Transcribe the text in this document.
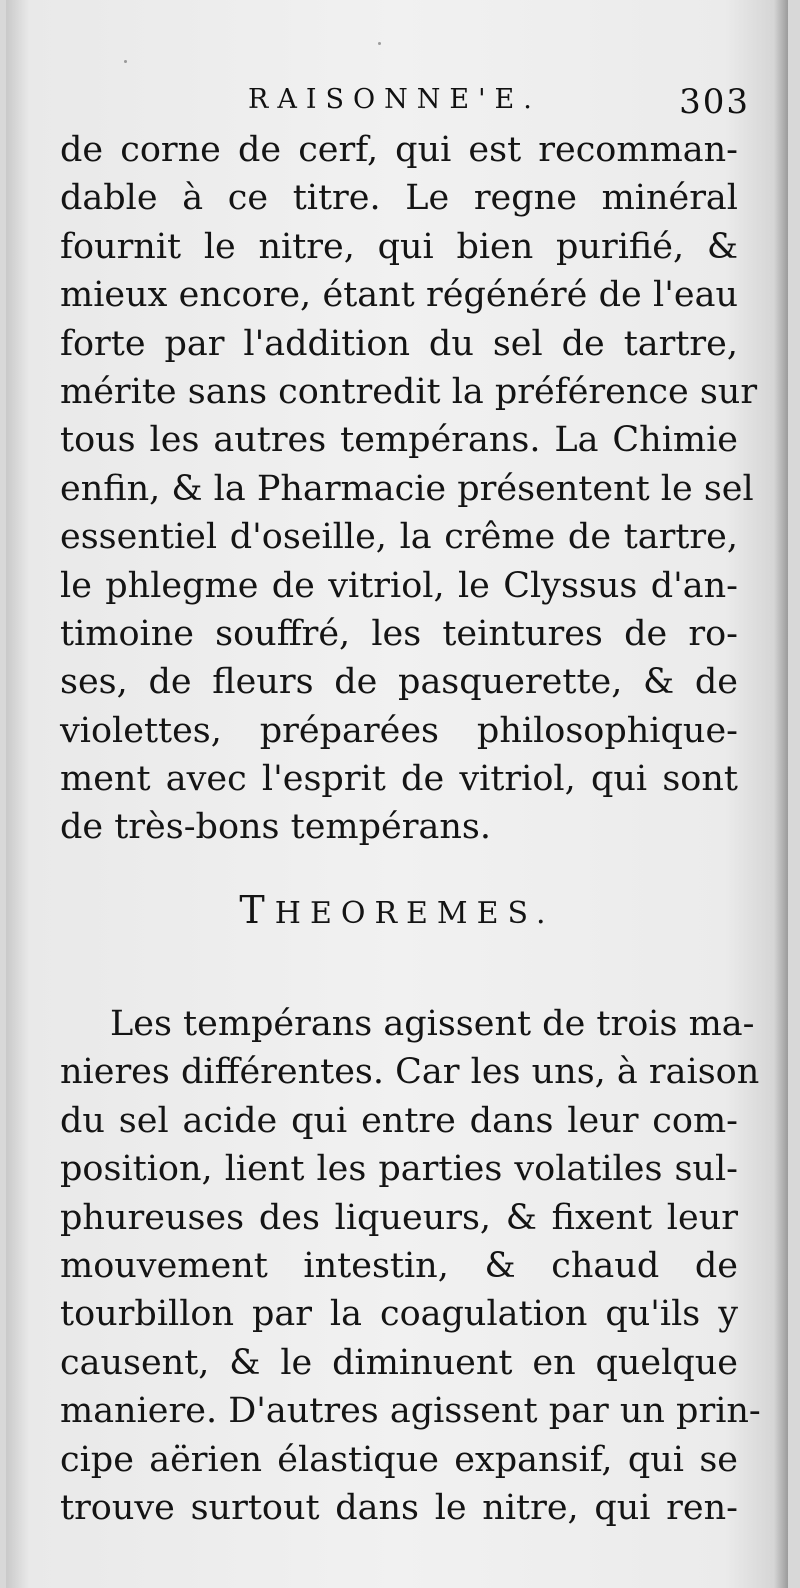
RAISONNE'E.	303
de corne de cerf, qui est recomman-
dable à ce titre. Le regne minéral
fournit le nitre, qui bien purifié, &
mieux encore, étant régénéré de l'eau
forte par l'addition du sel de tartre,
mérite sans contredit la préférence sur
tous les autres tempérans. La Chimie
enfin, & la Pharmacie présentent le sel
essentiel d'oseille, la crême de tartre,
le phlegme de vitriol, le Clyssus d'an-
timoine souffré, les teintures de ro-
ses, de fleurs de pasquerette, & de
violettes, préparées philosophique-
ment avec l'esprit de vitriol, qui sont
de très-bons tempérans.
THEOREMES.
Les tempérans agissent de trois ma-
nieres différentes. Car les uns, à raison
du sel acide qui entre dans leur com-
position, lient les parties volatiles sul-
phureuses des liqueurs, & fixent leur
mouvement intestin, & chaud de
tourbillon par la coagulation qu'ils y
causent, & le diminuent en quelque
maniere. D'autres agissent par un prin-
cipe aërien élastique expansif, qui se
trouve surtout dans le nitre, qui ren-
